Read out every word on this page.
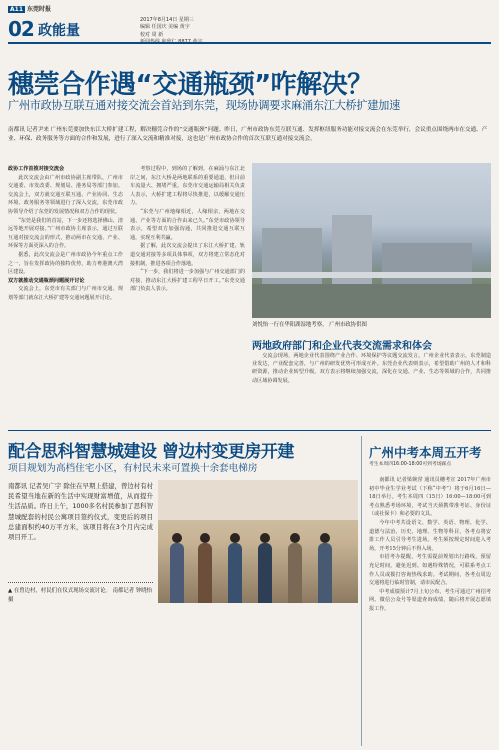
A11 东莞时报
02 政能量
2017年8月14日 星期三
编辑 任国庆 美编 黄宇
校对 周 新
穗莞合作遇“交通瓶颈”咋解决？
广州市政协互联互通对接交流会首站到东莞，现场协调要求麻涌东江大桥扩建加速
南都讯 记者尹来 广州东莞要加快东江大桥扩建工程，解决穗莞合作的“交通瓶颈”问题。昨日，广州市政协东莞互联互通、发挥枢纽服务功能对接交流会在东莞举行，会议重点围绕两市在交通、产业、环保、政务服务等方面的合作和发展，进行了深入交流和精准对接，这也是广州市政协合作的首次互联互通对接交流会。

政协工作首推对接交流会

此次交流会由广州市政协副主席带队，广州市交通委、市发改委、规划局、港务局等部门参加。交流会上，双方就交通互联互通、产业协同、生态环境、政务服务等领域进行了深入交流，东莞市政协领导介绍了东莞的发展情况和双方合作的现状。

“东莞是我们的首站，下一步还将选择佛山、清远等地开展对接。”广州市政协主席表示，通过互联互通对接交流会的形式，推动两市在交通、产业、环保等方面更深入的合作。

据悉，此次交流会是广州市政协今年重点工作之一，旨在发挥政协的独特优势，助力粤港澳大湾区建设。

双方就推动交通瓶颈问题展开讨论

交流会上，东莞市有关部门与广州市交通、规划等部门就东江大桥扩建等交通问题展开讨论。

考察过程中，到场的了解到，在麻涌与东江北岸之间，东江大桥是两地联系的重要通道，但目前车流量大、拥堵严重。东莞市交通运输局相关负责人表示，大桥扩建工程将尽快推进，以缓解交通压力。

“东莞与广州地缘相近，人缘相亲，两地在交通、产业等方面的合作由来已久。”东莞市政协领导表示，希望双方加强沟通，共同推进交通互联互通，实现互利共赢。

据了解，此次交流会提出了东江大桥扩建、轨道交通对接等多项具体事项，双方将建立常态化对接机制，推进各项合作落地。

“下一步，我们将进一步加强与广州交通部门的对接，推动东江大桥扩建工程早日开工。”东莞交通部门负责人表示。

刘悦怡一行在华阳湖湿地考察。 广州市政协供图
两地政府部门和企业代表交流需求和体会

交流会现场，两地企业代表围绕产业合作、环境保护等议题交流发言。广州企业代表表示，东莞制造业发达，产业配套完善，与广州的研发优势可形成互补。东莞企业代表则表示，希望借助广州的人才和科研资源，推动企业转型升级。双方表示将继续加强交流，深化在交通、产业、生态等领域的合作，共同推动区域协调发展。

配合思科智慧城建设 曾边村变更房开建
项目规划为高档住宅小区，有村民未来可置换十余套电梯房
南都讯 记者吴广宇 除住在早期上搭建，曾边村有村民希望当地在新的生活中实现财富增值，从而提升生活品质。昨日上午，1000多名村民参加了思科智慧城配套的村民公寓项目签约仪式，变更后的项目总建面积约40万平方米，该项目将在3个月内完成项目开工。
▲ 在曾边村，村民们在仪式现场交流讨论。 南都记者 钟晓怡 摄
广州中考本周五开考
考生本周四16:00-18:00可到考场踩点

南都讯 记者梁婉滢 通讯员穗考宣 2017年广州市初中毕业生学业考试（下称“中考”）将于6月16日—18日举行。考生本周四（15日）16:00—18:00可到考点熟悉考场环境，考试当天须携带准考证、身份证（或社保卡）和必要的文具。

今年中考共设语文、数学、英语、物理、化学、道德与法治、历史、地理、生物等科目，各考点将安排工作人员引导考生进场。考生须按规定时间进入考场，开考15分钟后不得入场。

市招考办提醒，考生需提前规划出行路线，预留充足时间，避免迟到。如遇特殊情况，可联系考点工作人员或拨打咨询热线求助。考试期间，各考点周边交通将进行临时管制，请市民配合。

中考成绩预计7月上旬公布，考生可通过广州招考网、微信公众号等渠道查询成绩，随后将开展志愿填报工作。
